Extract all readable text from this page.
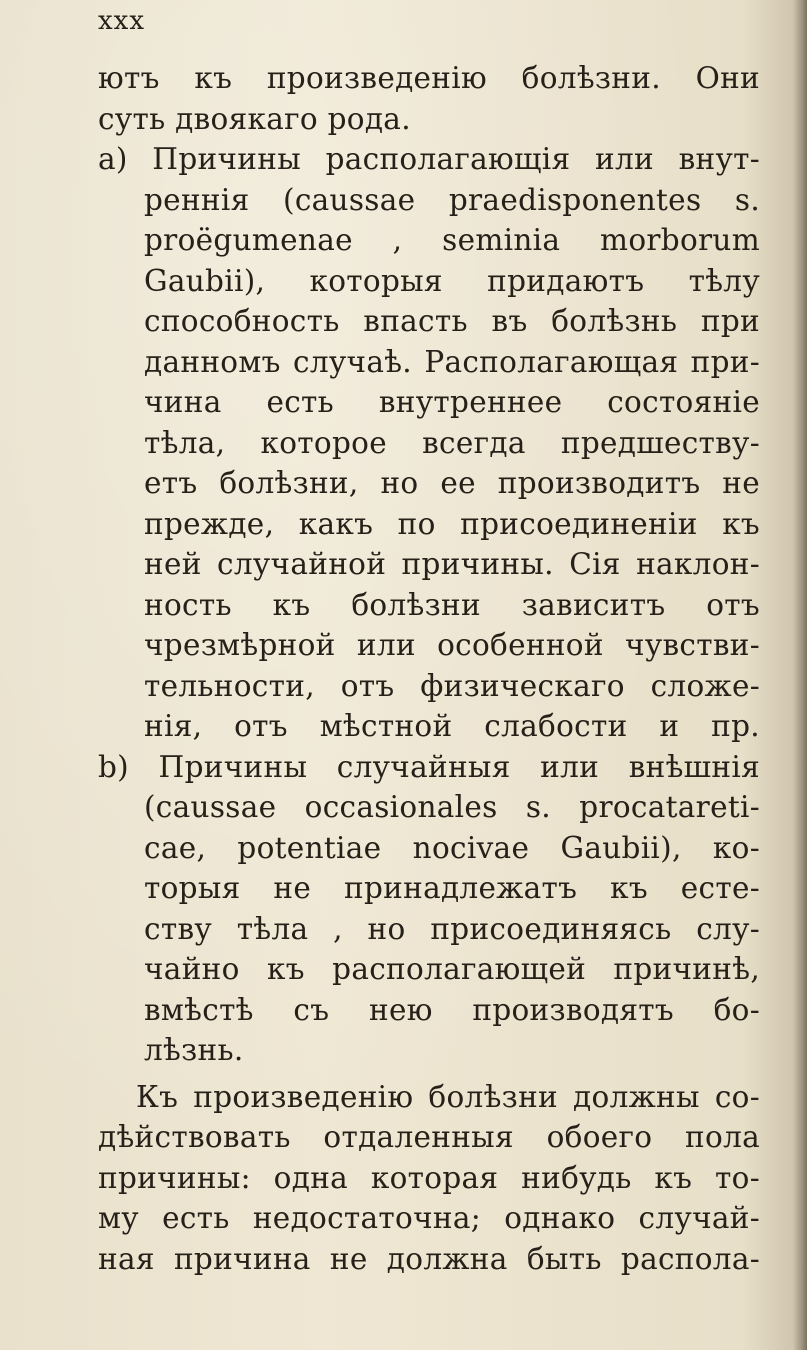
xxx
ютъ къ произведенію болѣзни. Они
суть двоякаго рода.
a) Причины располагающія или внут-
реннія (caussae praedisponentes s.
proëgumenae , seminia morborum
Gaubii), которыя придаютъ тѣлу
способность впасть въ болѣзнь при
данномъ случаѣ. Располагающая при-
чина есть внутреннее состояніе
тѣла, которое всегда предшеству-
етъ болѣзни, но ее производитъ не
прежде, какъ по присоединеніи къ
ней случайной причины. Сія наклон-
ность къ болѣзни зависитъ отъ
чрезмѣрной или особенной чувстви-
тельности, отъ физическаго сложе-
нія, отъ мѣстной слабости и пр.
b) Причины случайныя или внѣшнія
(caussae occasionales s. procatareti-
cae, potentiae nocivae Gaubii), ко-
торыя не принадлежатъ къ есте-
ству тѣла , но присоединяясь слу-
чайно къ располагающей причинѣ,
вмѣстѣ съ нею производятъ бо-
лѣзнь.
Къ произведенію болѣзни должны со-
дѣйствовать отдаленныя обоего пола
причины: одна которая нибудь къ то-
му есть недостаточна; однако случай-
ная причина не должна быть распола-
